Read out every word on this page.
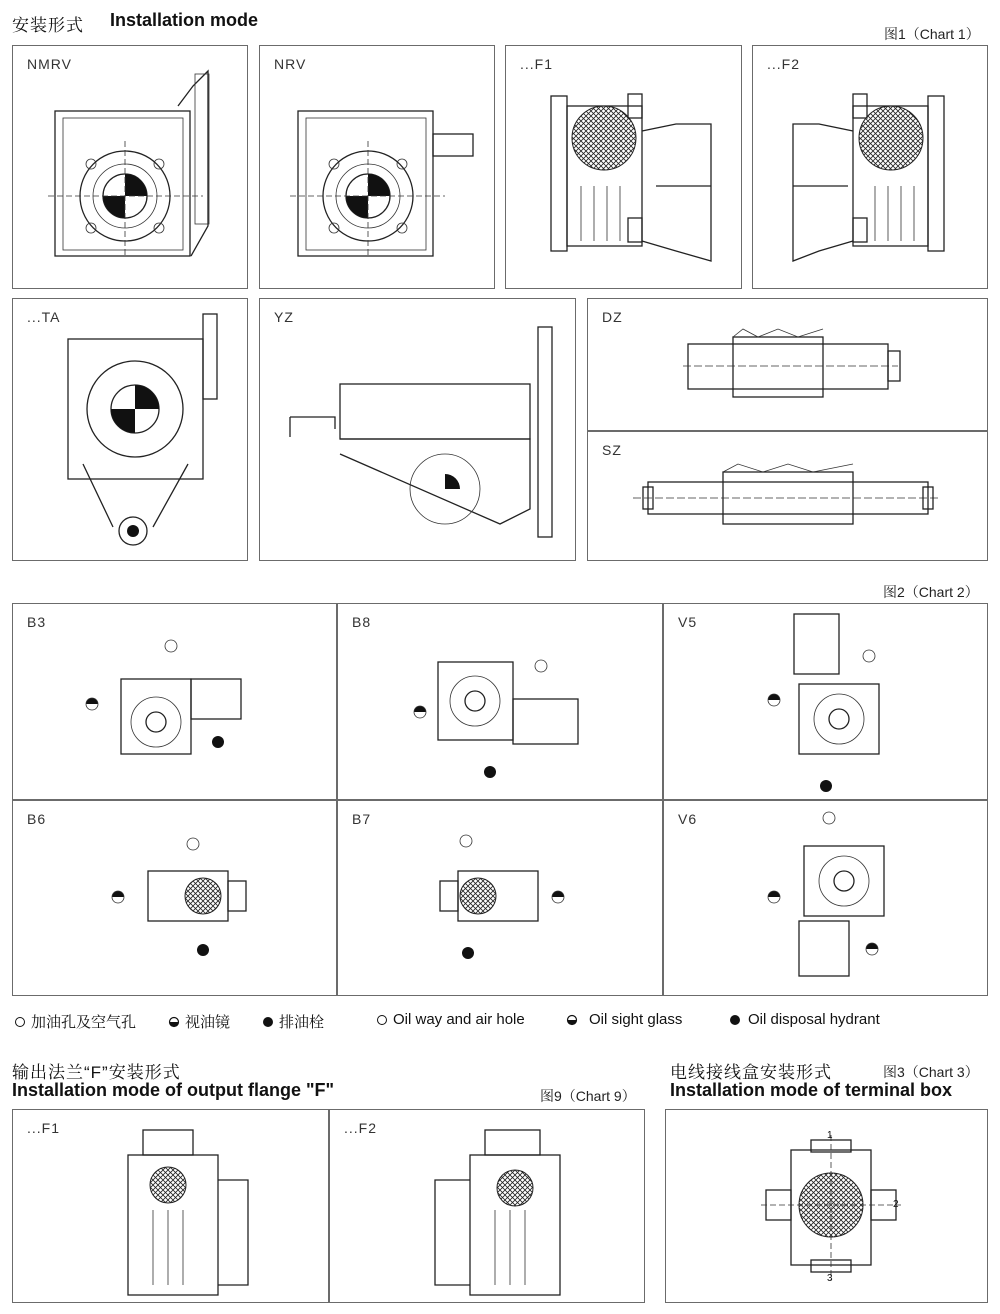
安装形式 Installation mode
图1（Chart 1）
NMRV	NRV	...F1	...F2
...TA	YZ	DZ
SZ
图2（Chart 2）
B3	B8	V5
B6	B7	V6
加油孔及空气孔	视油镜	排油栓	Oil way and air hole	Oil sight glass	Oil disposal hydrant
输出法兰“F”安装形式
Installation mode of output flange "F"	图9（Chart 9）
...F1	...F2
电线接线盒安装形式	图3（Chart 3）
Installation mode of terminal box
1
2
3
